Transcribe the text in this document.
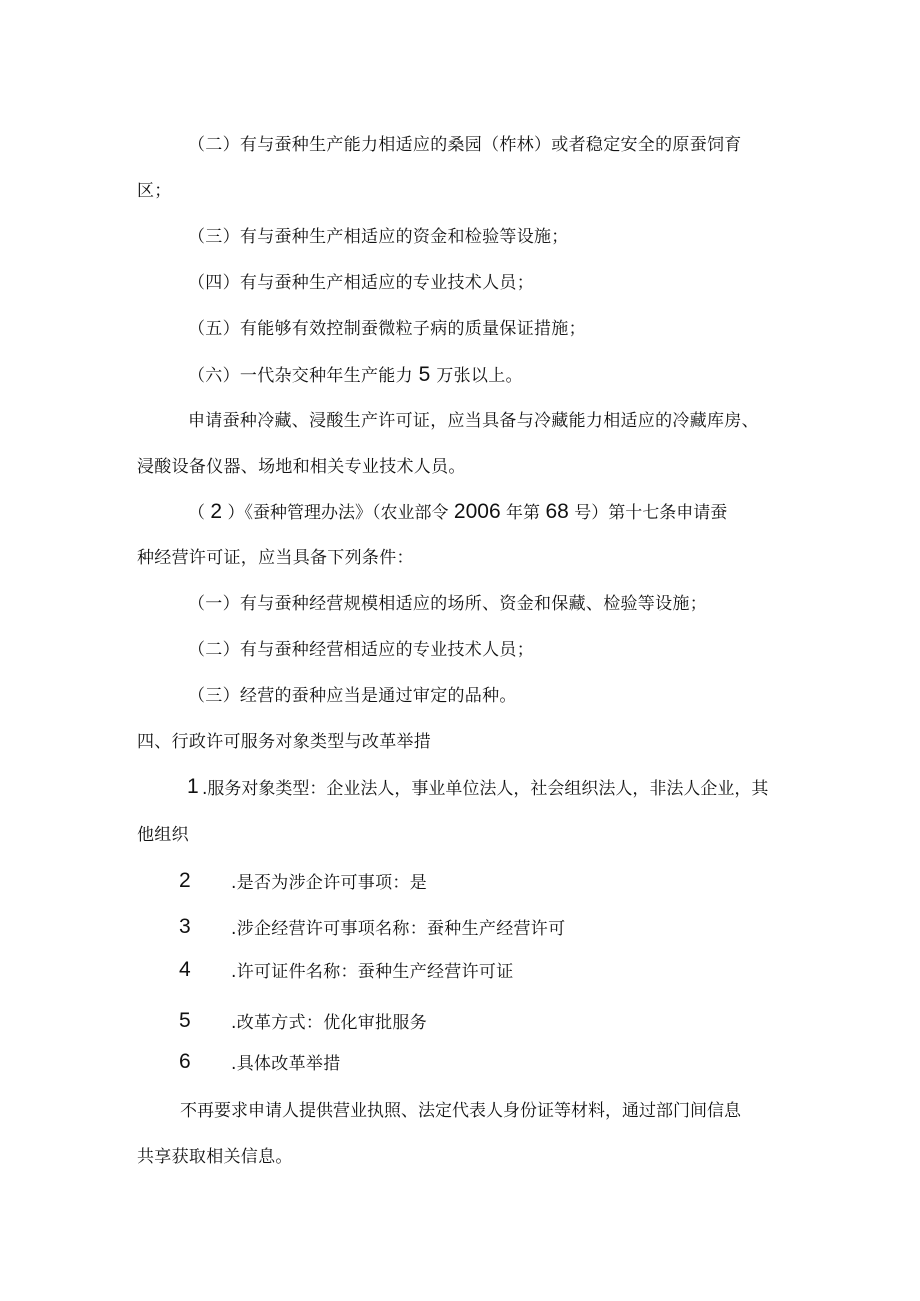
（二）有与蚕种生产能力相适应的桑园（柞林）或者稳定安全的原蚕饲育
区；
（三）有与蚕种生产相适应的资金和检验等设施；
（四）有与蚕种生产相适应的专业技术人员；
（五）有能够有效控制蚕微粒子病的质量保证措施；
（六）一代杂交种年生产能力 5 万张以上。
申请蚕种冷藏、浸酸生产许可证，应当具备与冷藏能力相适应的冷藏库房、
浸酸设备仪器、场地和相关专业技术人员。
（ 2 ）《蚕种管理办法》（农业部令 2006 年第 68 号）第十七条申请蚕
种经营许可证，应当具备下列条件：
（一）有与蚕种经营规模相适应的场所、资金和保藏、检验等设施；
（二）有与蚕种经营相适应的专业技术人员；
（三）经营的蚕种应当是通过审定的品种。
四、行政许可服务对象类型与改革举措
1 .服务对象类型：企业法人，事业单位法人，社会组织法人，非法人企业，其
他组织
2 .是否为涉企许可事项：是
3 .涉企经营许可事项名称：蚕种生产经营许可
4 .许可证件名称：蚕种生产经营许可证
5 .改革方式：优化审批服务
6 .具体改革举措
不再要求申请人提供营业执照、法定代表人身份证等材料，通过部门间信息
共享获取相关信息。
